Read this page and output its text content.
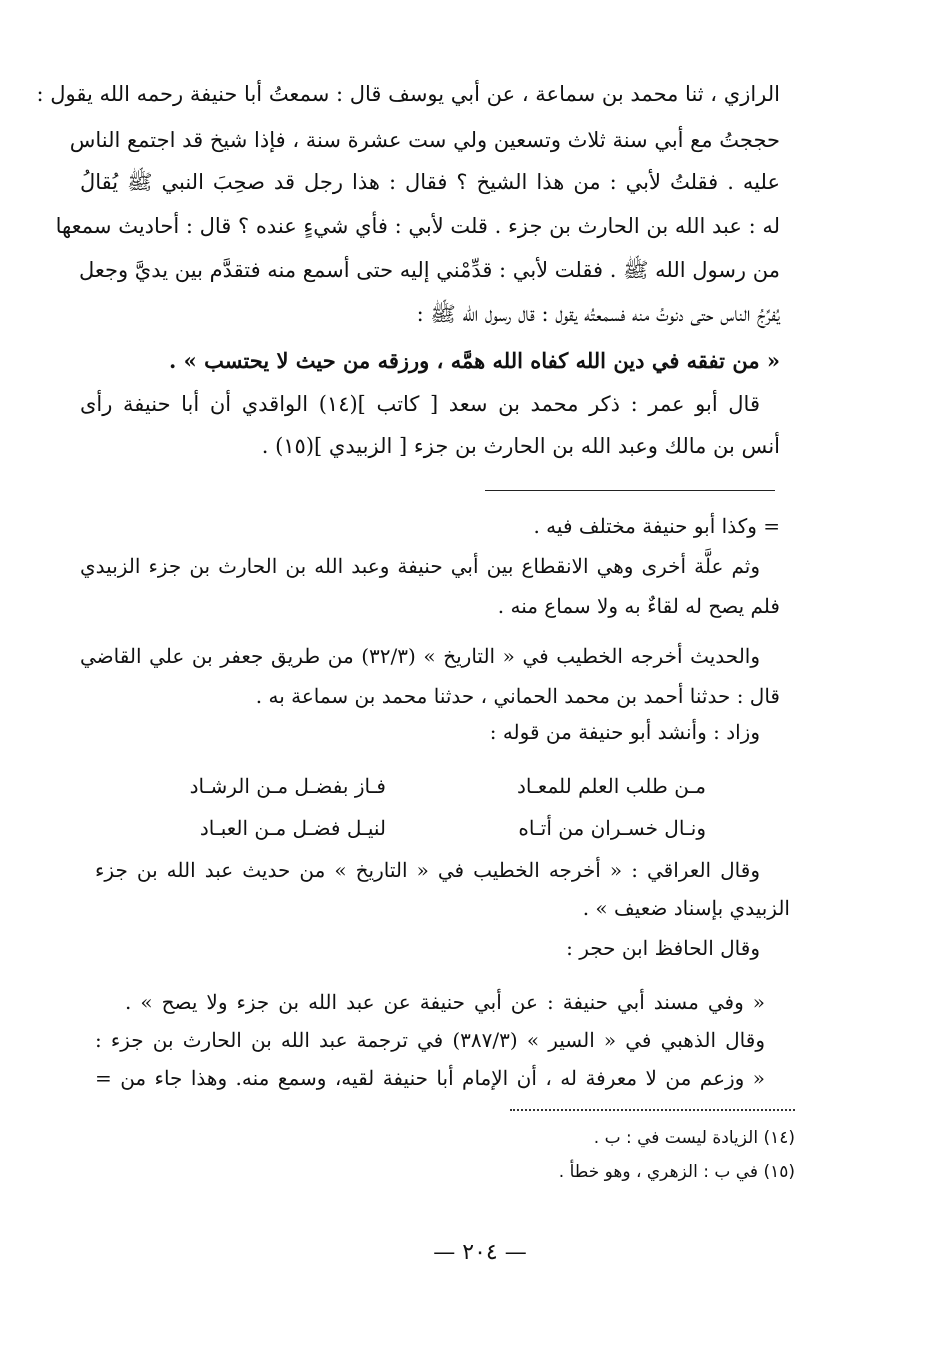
الرازي ، ثنا محمد بن سماعة ، عن أبي يوسف قال : سمعتُ أبا حنيفة رحمه الله يقول :

حججتُ مع أبي سنة ثلاث وتسعين ولي ست عشرة سنة ، فإذا شيخ قد اجتمع الناس

عليه . فقلتُ لأبي : من هذا الشيخ ؟ فقال : هذا رجل قد صحِبَ النبي ﷺ يُقالُ

له : عبد الله بن الحارث بن جزء . قلت لأبي : فأي شيءٍ عنده ؟ قال : أحاديث سمعها

من رسول الله ﷺ . فقلت لأبي : قدِّمْني إليه حتى أسمع منه فتقدَّم بين يديَّ وجعل

يُفرِّجُ الناس حتى دنوتُ منه فسمعتُه يقول : قال رسول الله ﷺ :

« من تفقه في دين الله كفاه الله همَّه ، ورزقه من حيث لا يحتسب » .

قال أبو عمر : ذكر محمد بن سعد [ كاتب ](١٤) الواقدي أن أبا حنيفة رأى

أنس بن مالك وعبد الله بن الحارث بن جزء [ الزبيدي ](١٥) .

= وكذا أبو حنيفة مختلف فيه .

وثم علَّة أخرى وهي الانقطاع بين أبي حنيفة وعبد الله بن الحارث بن جزء الزبيدي

فلم يصح له لقاءٌ به ولا سماع منه .

والحديث أخرجه الخطيب في « التاريخ » (٣٢/٣) من طريق جعفر بن علي القاضي

قال : حدثنا أحمد بن محمد الحماني ، حدثنا محمد بن سماعة به .

وزاد : وأنشد أبو حنيفة من قوله :

مـن طلب العلم للمعـاد
فـاز بفضـل مـن الرشـاد
ونـال خسـران من أتـاه
لنيـل فضـل مـن العبـاد

وقال العراقي : « أخرجه الخطيب في « التاريخ » من حديث عبد الله بن جزء

الزبيدي بإسناد ضعيف » .

وقال الحافظ ابن حجر :

« وفي مسند أبي حنيفة : عن أبي حنيفة عن عبد الله بن جزء ولا يصح » .

وقال الذهبي في « السير » (٣٨٧/٣) في ترجمة عبد الله بن الحارث بن جزء :

« وزعم من لا معرفة له ، أن الإمام أبا حنيفة لقيه، وسمع منه. وهذا جاء من =

(١٤) الزيادة ليست في : ب .

(١٥) في ب : الزهري ، وهو خطأ .

— ٢٠٤ —
